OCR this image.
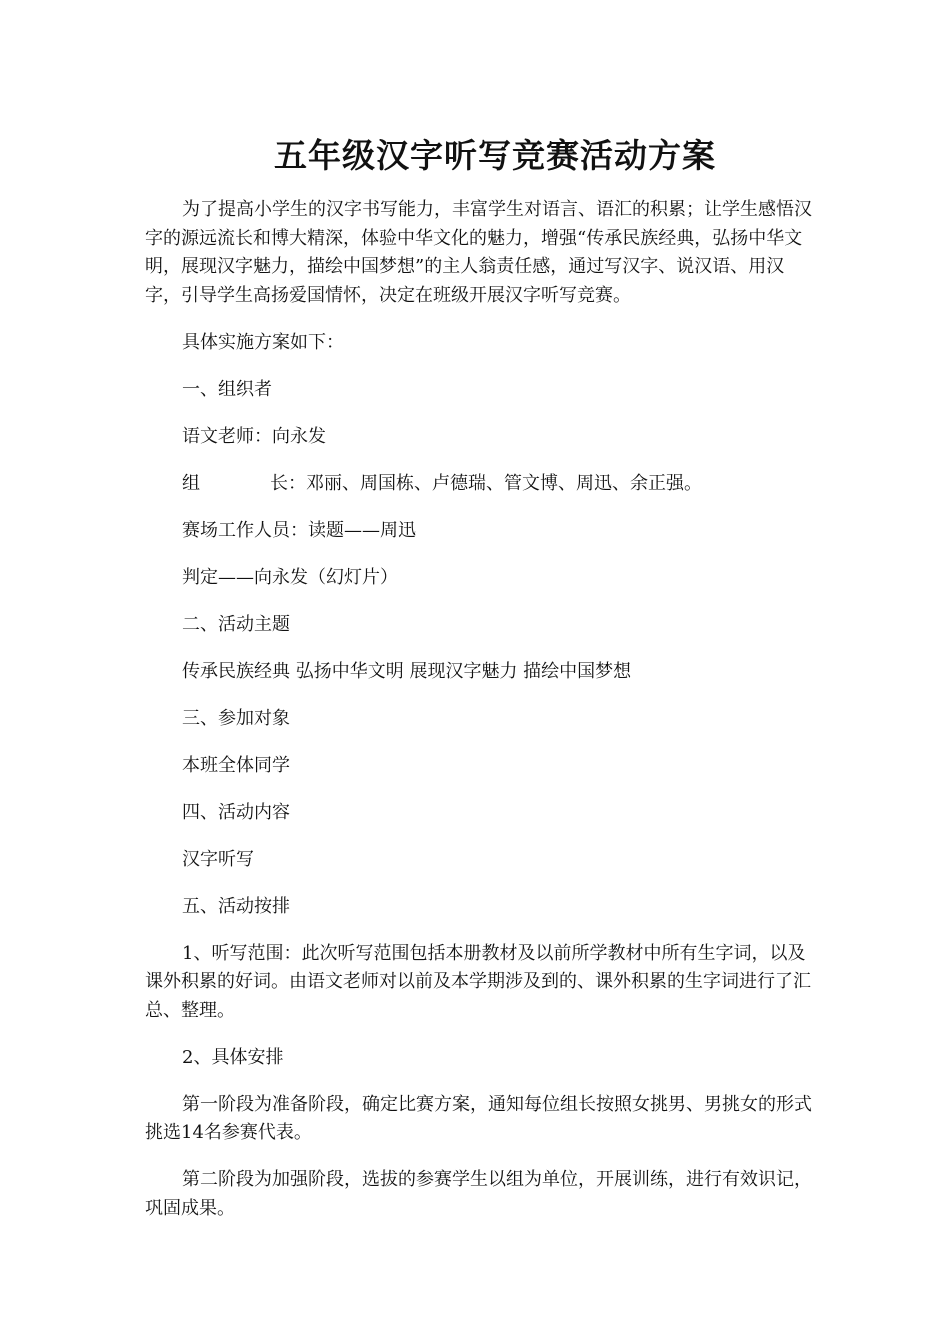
五年级汉字听写竞赛活动方案

为了提高小学生的汉字书写能力，丰富学生对语言、语汇的积累；让学生感悟汉字的源远流长和博大精深，体验中华文化的魅力，增强“传承民族经典，弘扬中华文明，展现汉字魅力，描绘中国梦想”的主人翁责任感，通过写汉字、说汉语、用汉字，引导学生高扬爱国情怀，决定在班级开展汉字听写竞赛。

具体实施方案如下：

一、组织者

语文老师：向永发

组	长：邓丽、周国栋、卢德瑞、管文博、周迅、余正强。

赛场工作人员：读题——周迅

判定——向永发（幻灯片）

二、活动主题

传承民族经典 弘扬中华文明 展现汉字魅力 描绘中国梦想

三、参加对象

本班全体同学

四、活动内容

汉字听写

五、活动按排

1、听写范围：此次听写范围包括本册教材及以前所学教材中所有生字词，以及课外积累的好词。由语文老师对以前及本学期涉及到的、课外积累的生字词进行了汇总、整理。

2、具体安排

第一阶段为准备阶段，确定比赛方案，通知每位组长按照女挑男、男挑女的形式挑选14名参赛代表。

第二阶段为加强阶段，选拔的参赛学生以组为单位，开展训练，进行有效识记，巩固成果。
